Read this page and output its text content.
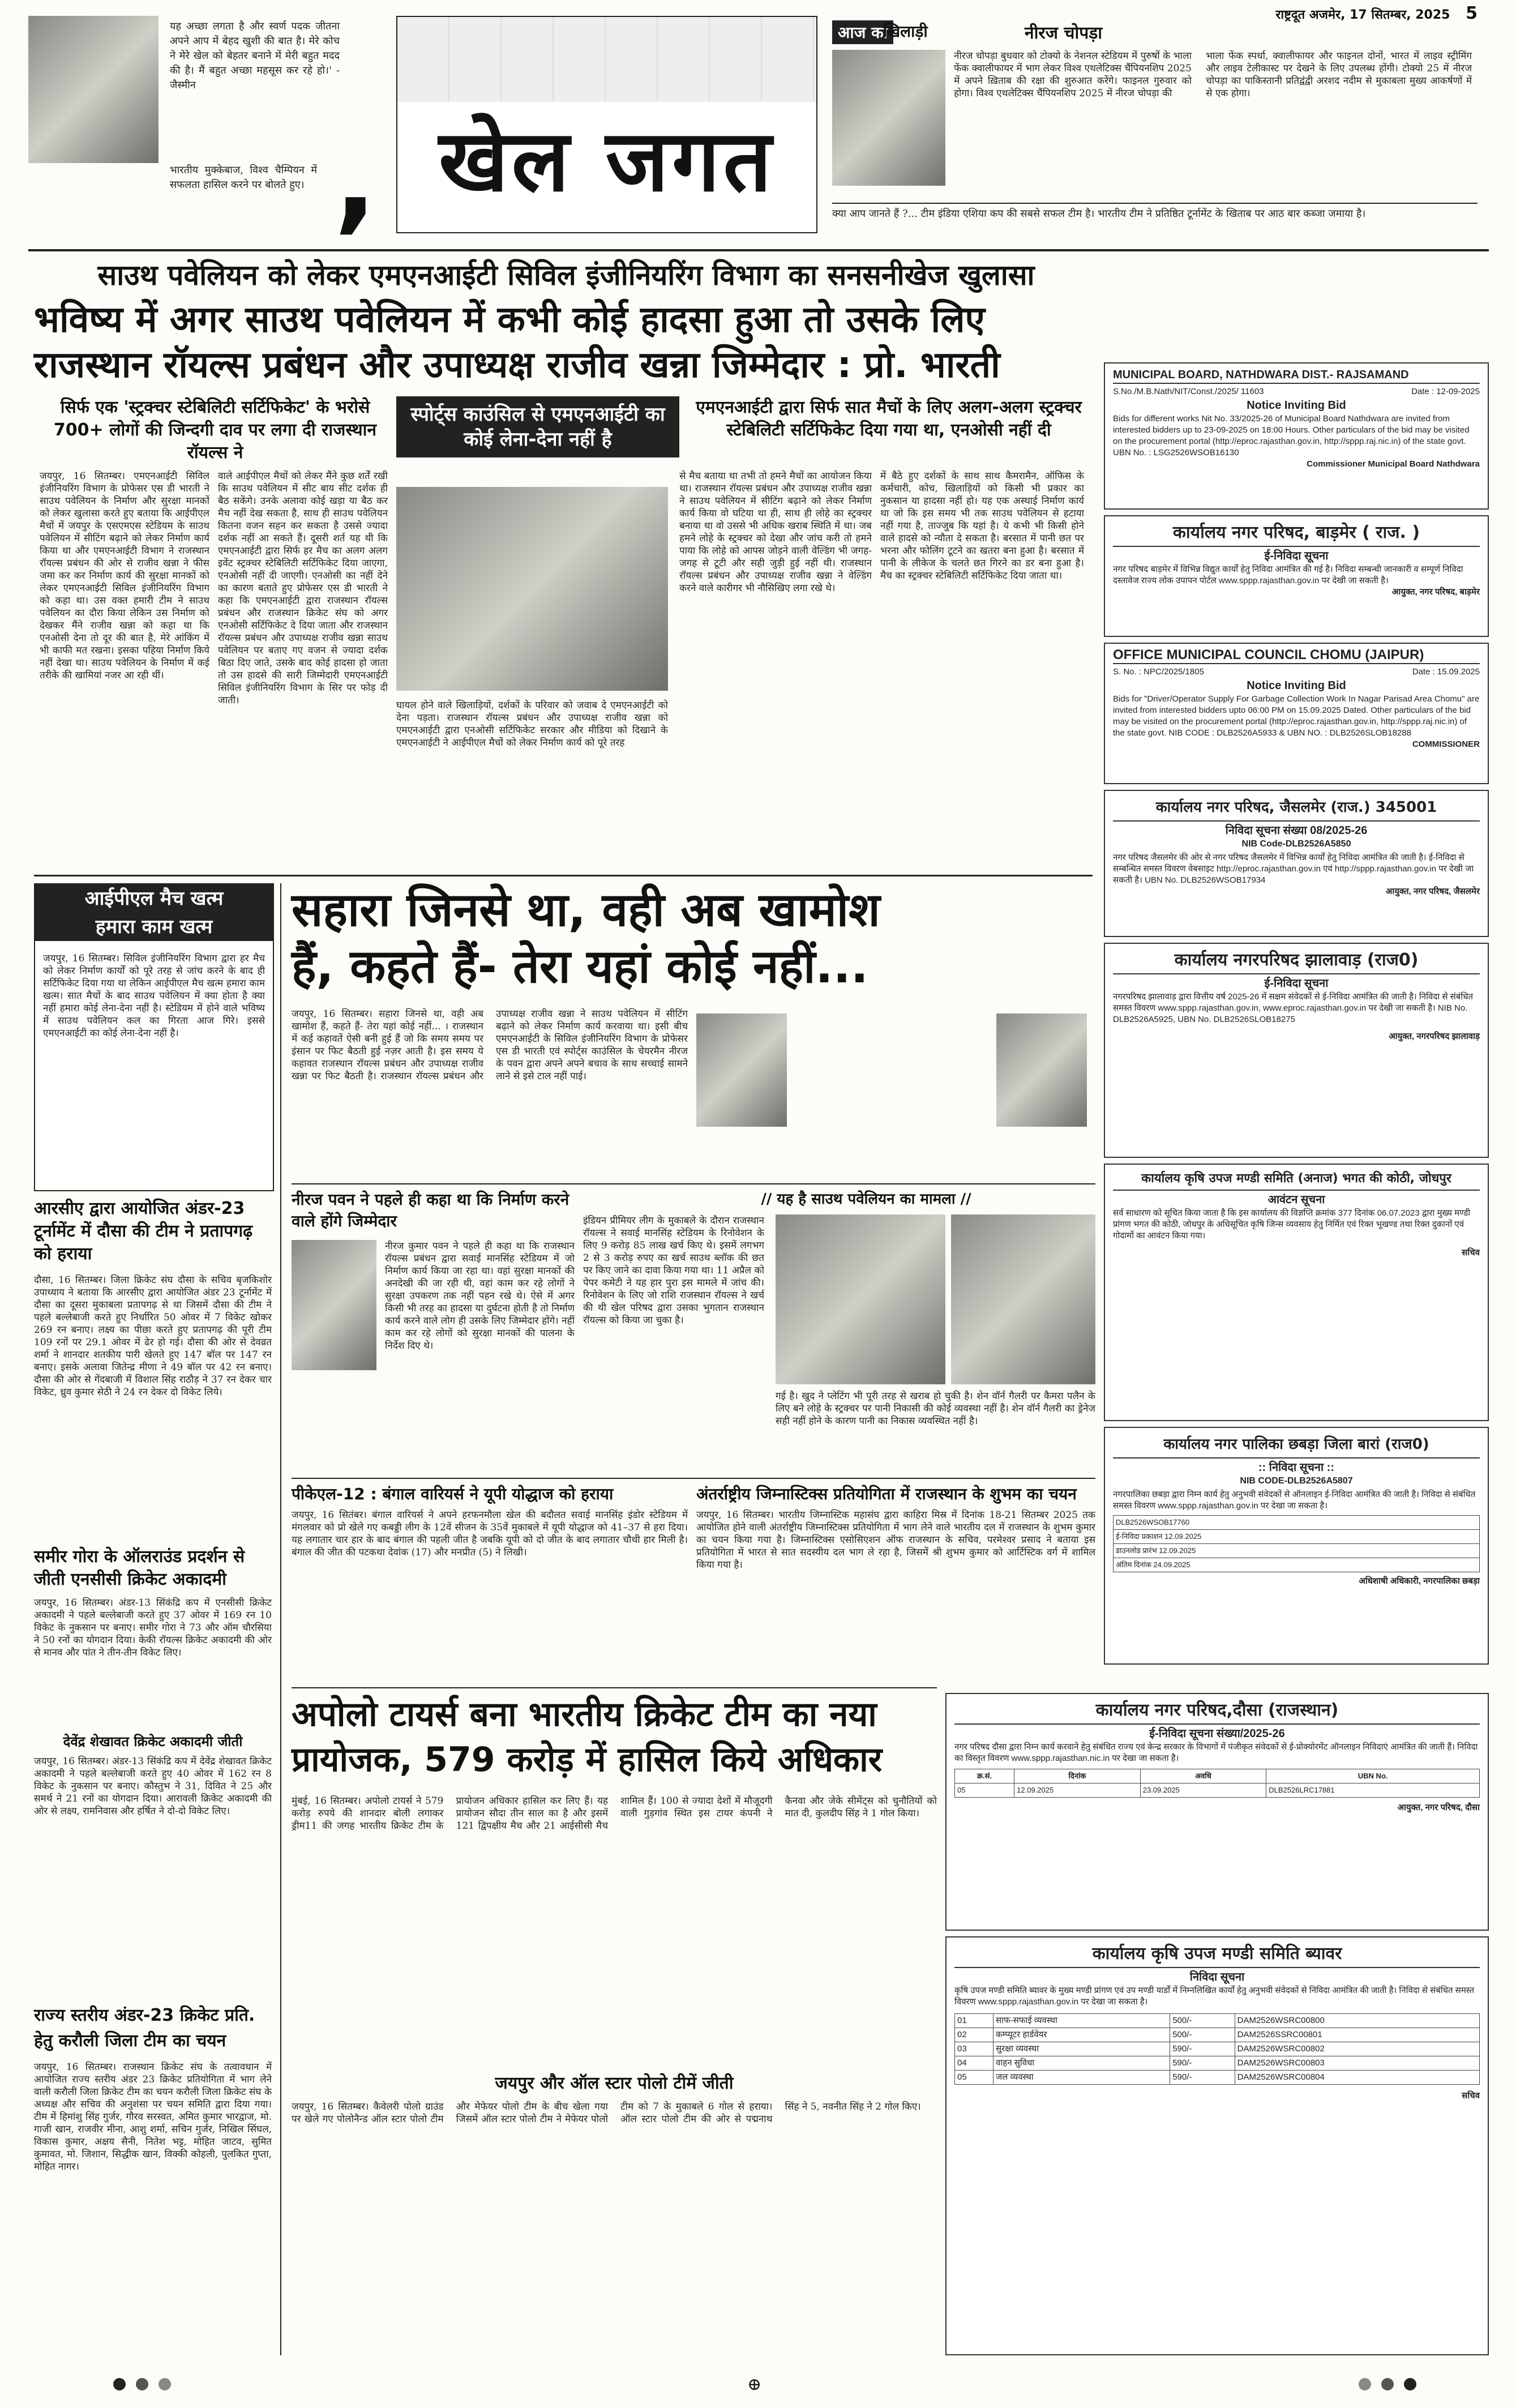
यह अच्छा लगता है और स्वर्ण पदक जीतना अपने आप में बेहद खुशी की बात है। मेरे कोच ने मेरे खेल को बेहतर बनाने में मेरी बहुत मदद की है। मैं बहुत अच्छा महसूस कर रहे हो।' - जैस्मीन
भारतीय मुक्केबाज, विश्व चैम्पियन में सफलता हासिल करने पर बोलते हुए। , खेल जगत
आज का
खिलाड़ी	नीरज चोपड़ा
नीरज चोपड़ा बुधवार को टोक्यो के नेशनल स्टेडियम में पुरुषों के भाला फेंक क्वालीफायर में भाग लेकर विश्व एथलेटिक्स चैंपियनशिप 2025 में अपने ख़िताब की रक्षा की शुरुआत करेंगे। फाइनल गुरुवार को होगा। विश्व एथलेटिक्स चैंपियनशिप 2025 में नीरज चोपड़ा की
भाला फेंक स्पर्धा, क्वालीफायर और फाइनल दोनों, भारत में लाइव स्ट्रीमिंग और लाइव टेलीकास्ट पर देखने के लिए उपलब्ध होंगी। टोक्यो 25 में नीरज चोपड़ा का पाकिस्तानी प्रतिद्वंद्वी अरशद नदीम से मुकाबला मुख्य आकर्षणों में से एक होगा।
राष्ट्रदूत अजमेर, 17 सितम्बर, 2025 5
क्या आप जानते हैं ?... टीम इंडिया एशिया कप की सबसे सफल टीम है। भारतीय टीम ने प्रतिष्ठित टूर्नामेंट के खिताब पर आठ बार कब्जा जमाया है।
साउथ पवेलियन को लेकर एमएनआईटी सिविल इंजीनियरिंग विभाग का सनसनीखेज खुलासा
भविष्य में अगर साउथ पवेलियन में कभी कोई हादसा हुआ तो उसके लिए
राजस्थान रॉयल्स प्रबंधन और उपाध्यक्ष राजीव खन्ना जिम्मेदार : प्रो. भारती
सिर्फ एक 'स्ट्रक्चर स्टेबिलिटी सर्टिफिकेट' के भरोसे 700+ लोगों की जिन्दगी दाव पर लगा दी राजस्थान रॉयल्स ने
स्पोर्ट्स काउंसिल से एमएनआईटी का कोई लेना-देना नहीं है
एमएनआईटी द्वारा सिर्फ सात मैचों के लिए अलग-अलग स्ट्रक्चर स्टेबिलिटी सर्टिफिकेट दिया गया था, एनओसी नहीं दी
जयपुर, 16 सितम्बर। एमएनआईटी सिविल इंजीनियरिंग विभाग के प्रोफेसर एस डी भारती ने साउथ पवेलियन के निर्माण और सुरक्षा मानकों को लेकर खुलासा करते हुए बताया कि आईपीएल मैचों में जयपुर के एसएमएस स्टेडियम के साउथ पवेलियन में सीटिंग बढ़ाने को लेकर निर्माण कार्य किया था और एमएनआईटी विभाग ने राजस्थान रॉयल्स प्रबंधन की ओर से राजीव खन्ना ने फीस जमा कर कर निर्माण कार्य की सुरक्षा मानकों को लेकर एमएनआईटी सिविल इंजीनियरिंग विभाग को कहा था। उस वक्त हमारी टीम ने साउथ पवेलियन का दौरा किया लेकिन उस निर्माण को देखकर मैंने राजीव खन्ना को कहा था कि एनओसी देना तो दूर की बात है, मेरे आंकिंग में भी काफी मत रखना। इसका पहिया निर्माण किये नहीं देखा था। साउथ पवेलियन के निर्माण में कई तरीके की खामियां नजर आ रही थीं।
वाले आईपीएल मैचों को लेकर मैंने कुछ शर्तें रखी कि साउथ पवेलियन में सीट बाय सीट दर्शक ही बैठ सकेंगे। उनके अलावा कोई खड़ा या बैठ कर मैच नहीं देख सकता है, साथ ही साउथ पवेलियन कितना वजन सहन कर सकता है उससे ज्यादा दर्शक नहीं आ सकते हैं। दूसरी शर्त यह थी कि एमएनआईटी द्वारा सिर्फ हर मैच का अलग अलग इवेंट स्ट्रक्चर स्टेबिलिटी सर्टिफिकेट दिया जाएगा, एनओसी नहीं दी जाएगी। एनओसी का नहीं देने का कारण बताते हुए प्रोफेसर एस डी भारती ने कहा कि एमएनआईटी द्वारा राजस्थान रॉयल्स प्रबंधन और राजस्थान क्रिकेट संघ को अगर एनओसी सर्टिफिकेट दे दिया जाता और राजस्थान रॉयल्स प्रबंधन और उपाध्यक्ष राजीव खन्ना साउथ पवेलियन पर बताए गए वजन से ज्यादा दर्शक बिठा दिए जाते, उसके बाद कोई हादसा हो जाता तो उस हादसे की सारी जिम्मेदारी एमएनआईटी सिविल इंजीनियरिंग विभाग के सिर पर फोड़ दी जाती।	घायल होने वाले खिलाड़ियों, दर्शकों के परिवार को जवाब दे एमएनआईटी को देना पड़ता। राजस्थान रॉयल्स प्रबंधन और उपाध्यक्ष राजीव खन्ना को एमएनआईटी द्वारा एनओसी सर्टिफिकेट सरकार और मीडिया को दिखाने के एमएनआईटी ने आईपीएल मैचों को लेकर निर्माण कार्य को पूरे तरह
से मैच बताया था तभी तो हमने मैचों का आयोजन किया था। राजस्थान रॉयल्स प्रबंधन और उपाध्यक्ष राजीव खन्ना ने साउथ पवेलियन में सीटिंग बढ़ाने को लेकर निर्माण कार्य किया वो घटिया था ही, साथ ही लोहे का स्ट्रक्चर बनाया था वो उससे भी अधिक खराब स्थिति में था। जब हमने लोहे के स्ट्रक्चर को देखा और जांच करी तो हमने पाया कि लोहे को आपस जोड़ने वाली वेल्डिंग भी जगह- जगह से टूटी और सही जुड़ी हुई नहीं थी। राजस्थान रॉयल्स प्रबंधन और उपाध्यक्ष राजीव खन्ना ने वेल्डिंग करने वाले कारीगर भी नौसिखिए लगा रखे थे।
में बैठे हुए दर्शकों के साथ साथ कैमरामैन, ऑफिस के कर्मचारी, कोच, खिलाड़ियों को किसी भी प्रकार का नुकसान या हादसा नहीं हो। यह एक अस्थाई निर्माण कार्य था जो कि इस समय भी तक साउथ पवेलियन से हटाया नहीं गया है, ताज्जुब कि यहां है। ये कभी भी किसी होने वाले हादसे को न्यौता दे सकता है। बरसात में पानी छत पर भरना और फोलिंग टूटने का खतरा बना हुआ है। बरसात में पानी के लीकेज के चलते छत गिरने का डर बना हुआ है। मैच का स्ट्रक्चर स्टेबिलिटी सर्टिफिकेट दिया जाता था।
आईपीएल मैच खत्म
हमारा काम खत्म
जयपुर, 16 सितम्बर। सिविल इंजीनियरिंग विभाग द्वारा हर मैच को लेकर निर्माण कार्यों को पूरे तरह से जांच करने के बाद ही सर्टिफिकेट दिया गया था लेकिन आईपीएल मैच खत्म हमारा काम खत्म। सात मैचों के बाद साउथ पवेलियन में क्या होता है क्या नहीं हमारा कोई लेना-देना नहीं है। स्टेडियम में होने वाले भविष्य में साउथ पवेलियन कल का गिरता आज गिरे। इससे एमएनआईटी का कोई लेना-देना नहीं है।
आरसीए द्वारा आयोजित अंडर-23 टूर्नामेंट में दौसा की टीम ने प्रतापगढ़ को हराया
दौसा, 16 सितम्बर। जिला क्रिकेट संघ दौसा के सचिव बृजकिशोर उपाध्याय ने बताया कि आरसीए द्वारा आयोजित अंडर 23 टूर्नामेंट में दौसा का दूसरा मुकाबला प्रतापगढ़ से था जिसमें दौसा की टीम ने पहले बल्लेबाजी करते हुए निर्धारित 50 ओवर में 7 विकेट खोकर 269 रन बनाए। लक्ष्य का पीछा करते हुए प्रतापगढ़ की पूरी टीम 109 रनों पर 29.1 ओवर में ढेर हो गई। दौसा की ओर से देवव्रत शर्मा ने शानदार शतकीय पारी खेलते हुए 147 बॉल पर 147 रन बनाए। इसके अलावा जितेन्द्र मीणा ने 49 बॉल पर 42 रन बनाए। दौसा की ओर से गेंदबाजी में विशाल सिंह राठौड़ ने 37 रन देकर चार विकेट, ध्रुव कुमार सेठी ने 24 रन देकर दो विकेट लिये।
समीर गोरा के ऑलराउंड प्रदर्शन से जीती एनसीसी क्रिकेट अकादमी
जयपुर, 16 सितम्बर। अंडर-13 सिंकंद्रि कप में एनसीसी क्रिकेट अकादमी ने पहले बल्लेबाजी करते हुए 37 ओवर में 169 रन 10 विकेट के नुकसान पर बनाए। समीर गोरा ने 73 और ऑम चौरसिया ने 50 रनों का योगदान दिया। केकी रॉयल्स क्रिकेट अकादमी की ओर से मानव और पांत ने तीन-तीन विकेट लिए।
देवेंद्र शेखावत क्रिकेट अकादमी जीती
जयपुर, 16 सितम्बर। अंडर-13 सिंकंद्रि कप में देवेंद्र शेखावत क्रिकेट अकादमी ने पहले बल्लेबाजी करते हुए 40 ओवर में 162 रन 8 विकेट के नुकसान पर बनाए। कौस्तुभ ने 31, दिवित ने 25 और समर्थ ने 21 रनों का योगदान दिया। आरावली क्रिकेट अकादमी की ओर से लक्ष्य, रामनिवास और हर्षित ने दो-दो विकेट लिए।
राज्य स्तरीय अंडर-23 क्रिकेट प्रति.
हेतु करौली जिला टीम का चयन
जयपुर, 16 सितम्बर। राजस्थान क्रिकेट संघ के तत्वावधान में आयोजित राज्य स्तरीय अंडर 23 क्रिकेट प्रतियोगिता में भाग लेने वाली करौली जिला क्रिकेट टीम का चयन करौली जिला क्रिकेट संघ के अध्यक्ष और सचिव की अनुशंसा पर चयन समिति द्वारा दिया गया। टीम में हिमांशु सिंह गुर्जर, गौरव सरस्वत, अमित कुमार भारद्वाज, मो. गाजी खान, राजवीर मीना, आशु शर्मा, सचिन गुर्जर, निखिल सिंघल, विकास कुमार, अक्षय सैनी, नितेश भट्ट, मोहित जाटव, सुमित कुमावत, मो. जिशान, सिद्धीक खान, विक्की कोहली, पुलकित गुप्ता, मोहित नागर।
सहारा जिनसे था, वही अब खामोश
हैं, कहते हैं- तेरा यहां कोई नहीं...
जयपुर, 16 सितम्बर। सहारा जिनसे था, वही अब खामोश हैं, कहते हैं- तेरा यहां कोई नहीं... । राजस्थान में कई कहावतें ऐसी बनी हुई हैं जो कि समय समय पर इंसान पर फिट बैठती हुई नज़र आती है। इस समय ये कहावत राजस्थान रॉयल्स प्रबंधन और उपाध्यक्ष राजीव खन्ना पर फिट बैठती है। राजस्थान रॉयल्स प्रबंधन और उपाध्यक्ष राजीव खन्ना ने साउथ पवेलियन में सीटिंग बढ़ाने को लेकर निर्माण कार्य करवाया था। इसी बीच एमएनआईटी के सिविल इंजीनियरिंग विभाग के प्रोफेसर एस डी भारती एवं स्पोर्ट्स काउंसिल के चेयरमैन नीरज के पवन द्वारा अपने अपने बचाव के साथ सच्चाई सामने लाने से इसे टाल नहीं पाई।
नीरज पवन ने पहले ही कहा था कि निर्माण करने वाले होंगे जिम्मेदार
नीरज कुमार पवन ने पहले ही कहा था कि राजस्थान रॉयल्स प्रबंधन द्वारा सवाई मानसिंह स्टेडियम में जो निर्माण कार्य किया जा रहा था। वहां सुरक्षा मानकों की अनदेखी की जा रही थी, वहां काम कर रहे लोगों ने सुरक्षा उपकरण तक नहीं पहन रखे थे। ऐसे में अगर किसी भी तरह का हादसा या दुर्घटना होती है तो निर्माण कार्य करने वाले लोग ही उसके लिए जिम्मेदार होंगे। नहीं काम कर रहे लोगों को सुरक्षा मानकों की पालना के निर्देश दिए थे।
// यह है साउथ पवेलियन का मामला //
इंडियन प्रीमियर लीग के मुकाबले के दौरान राजस्थान रॉयल्स ने सवाई मानसिंह स्टेडियम के रिनोवेशन के लिए 9 करोड़ 85 लाख खर्च किए थे। इसमें लगभग 2 से 3 करोड़ रुपए का खर्च साउथ ब्लॉक की छत पर किए जाने का दावा किया गया था। 11 अप्रैल को पेपर कमेटी ने यह हार पुरा इस मामले में जांच की। रिनोवेशन के लिए जो राशि राजस्थान रॉयल्स ने खर्च की थी खेल परिषद द्वारा उसका भुगतान राजस्थान रॉयल्स को किया जा चुका है।
गई है। खुद ने प्लेटिंग भी पूरी तरह से खराब हो चुकी है। शेन वॉर्न गैलरी पर कैमरा पलैन के लिए बने लोहे के स्ट्रक्चर पर पानी निकासी की कोई व्यवस्था नहीं है। शेन वॉर्न गैलरी का ड्रेनेज सही नहीं होने के कारण पानी का निकास व्यवस्थित नहीं है।
पीकेएल-12 : बंगाल वारियर्स ने यूपी योद्धाज को हराया
जयपुर, 16 सितंबर। बंगाल वारियर्स ने अपने हरफनमौला खेल की बदौलत सवाई मानसिंह इंडोर स्टेडियम में मंगलवार को प्रो खेले गए कबड्डी लीग के 12वें सीजन के 35वें मुकाबले में यूपी योद्धाज को 41–37 से हरा दिया। यह लगातार चार हार के बाद बंगाल की पहली जीत है जबकि यूपी को दो जीत के बाद लगातार चौथी हार मिली है। बंगाल की जीत की पटकथा देवांक (17) और मनप्रीत (5) ने लिखी।
अंतर्राष्ट्रीय जिम्नास्टिक्स प्रतियोगिता में राजस्थान के शुभम का चयन
जयपुर, 16 सितम्बर। भारतीय जिम्नास्टिक महासंघ द्वारा काहिरा मिस्र में दिनांक 18-21 सितम्बर 2025 तक आयोजित होने वाली अंतर्राष्ट्रीय जिम्नास्टिक्स प्रतियोगिता में भाग लेने वाले भारतीय दल में राजस्थान के शुभम कुमार का चयन किया गया है। जिम्नास्टिक्स एसोसिएशन ऑफ राजस्थान के सचिव, परमेश्वर प्रसाद ने बताया इस प्रतियोगिता में भारत से सात सदस्यीय दल भाग ले रहा है, जिसमें श्री शुभम कुमार को आर्टिस्टिक वर्ग में शामिल किया गया है।
अपोलो टायर्स बना भारतीय क्रिकेट टीम का नया
प्रायोजक, 579 करोड़ में हासिल किये अधिकार
मुंबई, 16 सितम्बर। अपोलो टायर्स ने 579 करोड़ रुपये की शानदार बोली लगाकर ड्रीम11 की जगह भारतीय क्रिकेट टीम के प्रायोजन अधिकार हासिल कर लिए हैं। यह प्रायोजन सौदा तीन साल का है और इसमें 121 द्विपक्षीय मैच और 21 आईसीसी मैच शामिल हैं। 100 से ज्यादा देशों में मौजूदगी वाली गुड़गांव स्थित इस टायर कंपनी ने कैनवा और जेके सीमेंट्स को चुनौतियों को मात दी, कुलदीप सिंह ने 1 गोल किया।
जयपुर और ऑल स्टार पोलो टीमें जीती
जयपुर, 16 सितम्बर। कैवेलरी पोलो ग्राउंड पर खेले गए पोलोनैन्ड ऑल स्टार पोलो टीम और मेफेयर पोलो टीम के बीच खेला गया जिसमें ऑल स्टार पोलो टीम ने मेफेयर पोलो टीम को 7 के मुकाबले 6 गोल से हराया। ऑल स्टार पोलो टीम की ओर से पद्मनाथ सिंह ने 5, नवनीत सिंह ने 2 गोल किए।
MUNICIPAL BOARD, NATHDWARA DIST.- RAJSAMAND
S.No./M.B.Nath/NIT/Const./2025/ 11603	Date : 12-09-2025
Notice Inviting Bid
Bids for different works Nit No. 33/2025-26 of Municipal Board Nathdwara are invited from interested bidders up to 23-09-2025 on 18:00 Hours. Other particulars of the bid may be visited on the procurement portal (http://eproc.rajasthan.gov.in, http://sppp.raj.nic.in) of the state govt. UBN No. : LSG2526WSOB16130
Commissioner Municipal Board Nathdwara
कार्यालय नगर परिषद, बाड़मेर ( राज. )
ई-निविदा सूचना
नगर परिषद बाड़मेर में विभिन्न विद्युत कार्यों हेतु निविदा आमंत्रित की गई है। निविदा सम्बन्धी जानकारी व सम्पूर्ण निविदा दस्तावेज राज्य लोक उपापन पोर्टल www.sppp.rajasthan.gov.in पर देखी जा सकती है।
आयुक्त, नगर परिषद, बाड़मेर
OFFICE MUNICIPAL COUNCIL CHOMU (JAIPUR)
S. No. : NPC/2025/1805	Date : 15.09.2025
Notice Inviting Bid
Bids for "Driver/Operator Supply For Garbage Collection Work In Nagar Parisad Area Chomu" are invited from interested bidders upto 06:00 PM on 15.09.2025 Dated. Other particulars of the bid may be visited on the procurement portal (http://eproc.rajasthan.gov.in, http://sppp.raj.nic.in) of the state govt. NIB CODE : DLB2526A5933 & UBN NO. : DLB2526SLOB18288
COMMISSIONER
कार्यालय नगर परिषद, जैसलमेर (राज.) 345001
निविदा सूचना संख्या 08/2025-26
NIB Code-DLB2526A5850
नगर परिषद जैसलमेर की ओर से नगर परिषद जैसलमेर में विभिन्न कार्यों हेतु निविदा आमंत्रित की जाती है। ई-निविदा से सम्बन्धित समस्त विवरण वेबसाइट http://eproc.rajasthan.gov.in एवं http://sppp.rajasthan.gov.in पर देखी जा सकती है। UBN No. DLB2526WSOB17934
आयुक्त, नगर परिषद, जैसलमेर
कार्यालय नगरपरिषद झालावाड़ (राज0)
ई-निविदा सूचना
नगरपरिषद झालावाड़ द्वारा वित्तीय वर्ष 2025-26 में सक्षम संवेदकों से ई-निविदा आमंत्रित की जाती है। निविदा से संबंधित समस्त विवरण www.sppp.rajasthan.gov.in, www.eproc.rajasthan.gov.in पर देखी जा सकती है। NIB No. DLB2526A5925, UBN No. DLB2526SLOB18275
आयुक्त, नगरपरिषद झालावाड़
कार्यालय कृषि उपज मण्डी समिति (अनाज) भगत की कोठी, जोधपुर
आवंटन सूचना
सर्व साधारण को सूचित किया जाता है कि इस कार्यालय की विज्ञप्ति क्रमांक 377 दिनांक 06.07.2023 द्वारा मुख्य मण्डी प्रांगण भगत की कोठी, जोधपुर के अधिसूचित कृषि जिन्स व्यवसाय हेतु निर्मित एवं रिक्त भूखण्ड तथा रिक्त दुकानों एवं गोदामों का आवंटन किया गया।
सचिव
कार्यालय नगर पालिका छबड़ा जिला बारां (राज0)
:: निविदा सूचना ::
NIB CODE-DLB2526A5807
नगरपालिका छबड़ा द्वारा निम्न कार्य हेतु अनुभवी संवेदकों से ऑनलाइन ई-निविदा आमंत्रित की जाती है। निविदा से संबंधित समस्त विवरण www.sppp.rajasthan.gov.in पर देखा जा सकता है।
DLB2526WSOB17760
ई-निविदा प्रकाशन 12.09.2025
डाउनलोड प्रारंभ 12.09.2025
अंतिम दिनांक 24.09.2025
अधिशाषी अधिकारी, नगरपालिका छबड़ा
कार्यालय नगर परिषद,दौसा (राजस्थान)
ई-निविदा सूचना संख्या/2025-26
नगर परिषद दौसा द्वारा निम्न कार्य करवाने हेतु संबंधित राज्य एवं केन्द्र सरकार के विभागों में पंजीकृत संवेदकों से ई-प्रोक्योरमेंट ऑनलाइन निविदाएं आमंत्रित की जाती हैं। निविदा का विस्तृत विवरण www.sppp.rajasthan.nic.in पर देखा जा सकता है।
क्र.सं.	दिनांक	अवधि	UBN No.
05	12.09.2025	23.09.2025	DLB2526LRC17881
आयुक्त, नगर परिषद, दौसा
कार्यालय कृषि उपज मण्डी समिति ब्यावर
निविदा सूचना
कृषि उपज मण्डी समिति ब्यावर के मुख्य मण्डी प्रांगण एवं उप मण्डी यार्डों में निम्नलिखित कार्यों हेतु अनुभवी संवेदकों से निविदा आमंत्रित की जाती है। निविदा से संबंधित समस्त विवरण www.sppp.rajasthan.gov.in पर देखा जा सकता है।
01	साफ-सफाई व्यवस्था	500/-	DAM2526WSRC00800
02	कम्प्यूटर हार्डवेयर	500/-	DAM2526SSRC00801
03	सुरक्षा व्यवस्था	590/-	DAM2526WSRC00802
04	वाहन सुविधा	590/-	DAM2526WSRC00803
05	जल व्यवस्था	590/-	DAM2526WSRC00804
सचिव
⊕
